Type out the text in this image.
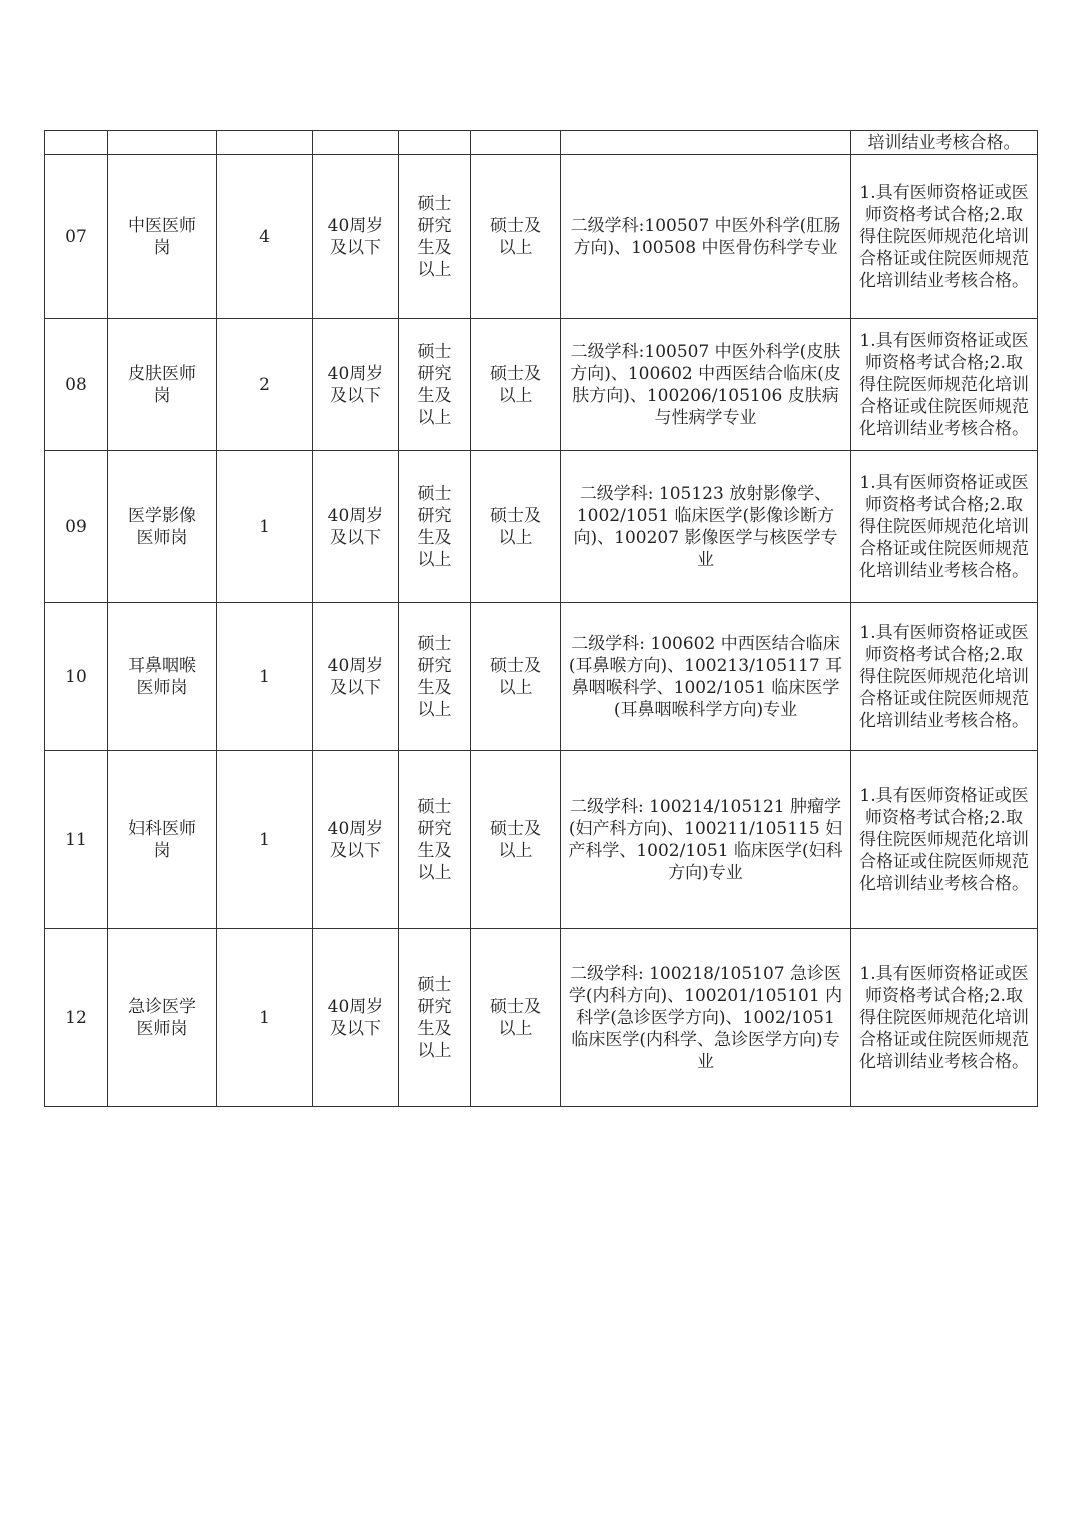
							培训结业考核合格。
07	中医医师岗	4	40周岁及以下	硕士研究生及以上	硕士及以上	二级学科:100507 中医外科学(肛肠方向)、100508 中医骨伤科学专业	1.具有医师资格证或医师资格考试合格;2.取得住院医师规范化培训合格证或住院医师规范化培训结业考核合格。
08	皮肤医师岗	2	40周岁及以下	硕士研究生及以上	硕士及以上	二级学科:100507 中医外科学(皮肤方向)、100602 中西医结合临床(皮肤方向)、100206/105106 皮肤病与性病学专业	1.具有医师资格证或医师资格考试合格;2.取得住院医师规范化培训合格证或住院医师规范化培训结业考核合格。
09	医学影像医师岗	1	40周岁及以下	硕士研究生及以上	硕士及以上	二级学科: 105123 放射影像学、1002/1051 临床医学(影像诊断方向)、100207 影像医学与核医学专业	1.具有医师资格证或医师资格考试合格;2.取得住院医师规范化培训合格证或住院医师规范化培训结业考核合格。
10	耳鼻咽喉医师岗	1	40周岁及以下	硕士研究生及以上	硕士及以上	二级学科: 100602 中西医结合临床(耳鼻喉方向)、100213/105117 耳鼻咽喉科学、1002/1051 临床医学(耳鼻咽喉科学方向)专业	1.具有医师资格证或医师资格考试合格;2.取得住院医师规范化培训合格证或住院医师规范化培训结业考核合格。
11	妇科医师岗	1	40周岁及以下	硕士研究生及以上	硕士及以上	二级学科: 100214/105121 肿瘤学(妇产科方向)、100211/105115 妇产科学、1002/1051 临床医学(妇科方向)专业	1.具有医师资格证或医师资格考试合格;2.取得住院医师规范化培训合格证或住院医师规范化培训结业考核合格。
12	急诊医学医师岗	1	40周岁及以下	硕士研究生及以上	硕士及以上	二级学科: 100218/105107 急诊医学(内科方向)、100201/105101 内科学(急诊医学方向)、1002/1051 临床医学(内科学、急诊医学方向)专业	1.具有医师资格证或医师资格考试合格;2.取得住院医师规范化培训合格证或住院医师规范化培训结业考核合格。
